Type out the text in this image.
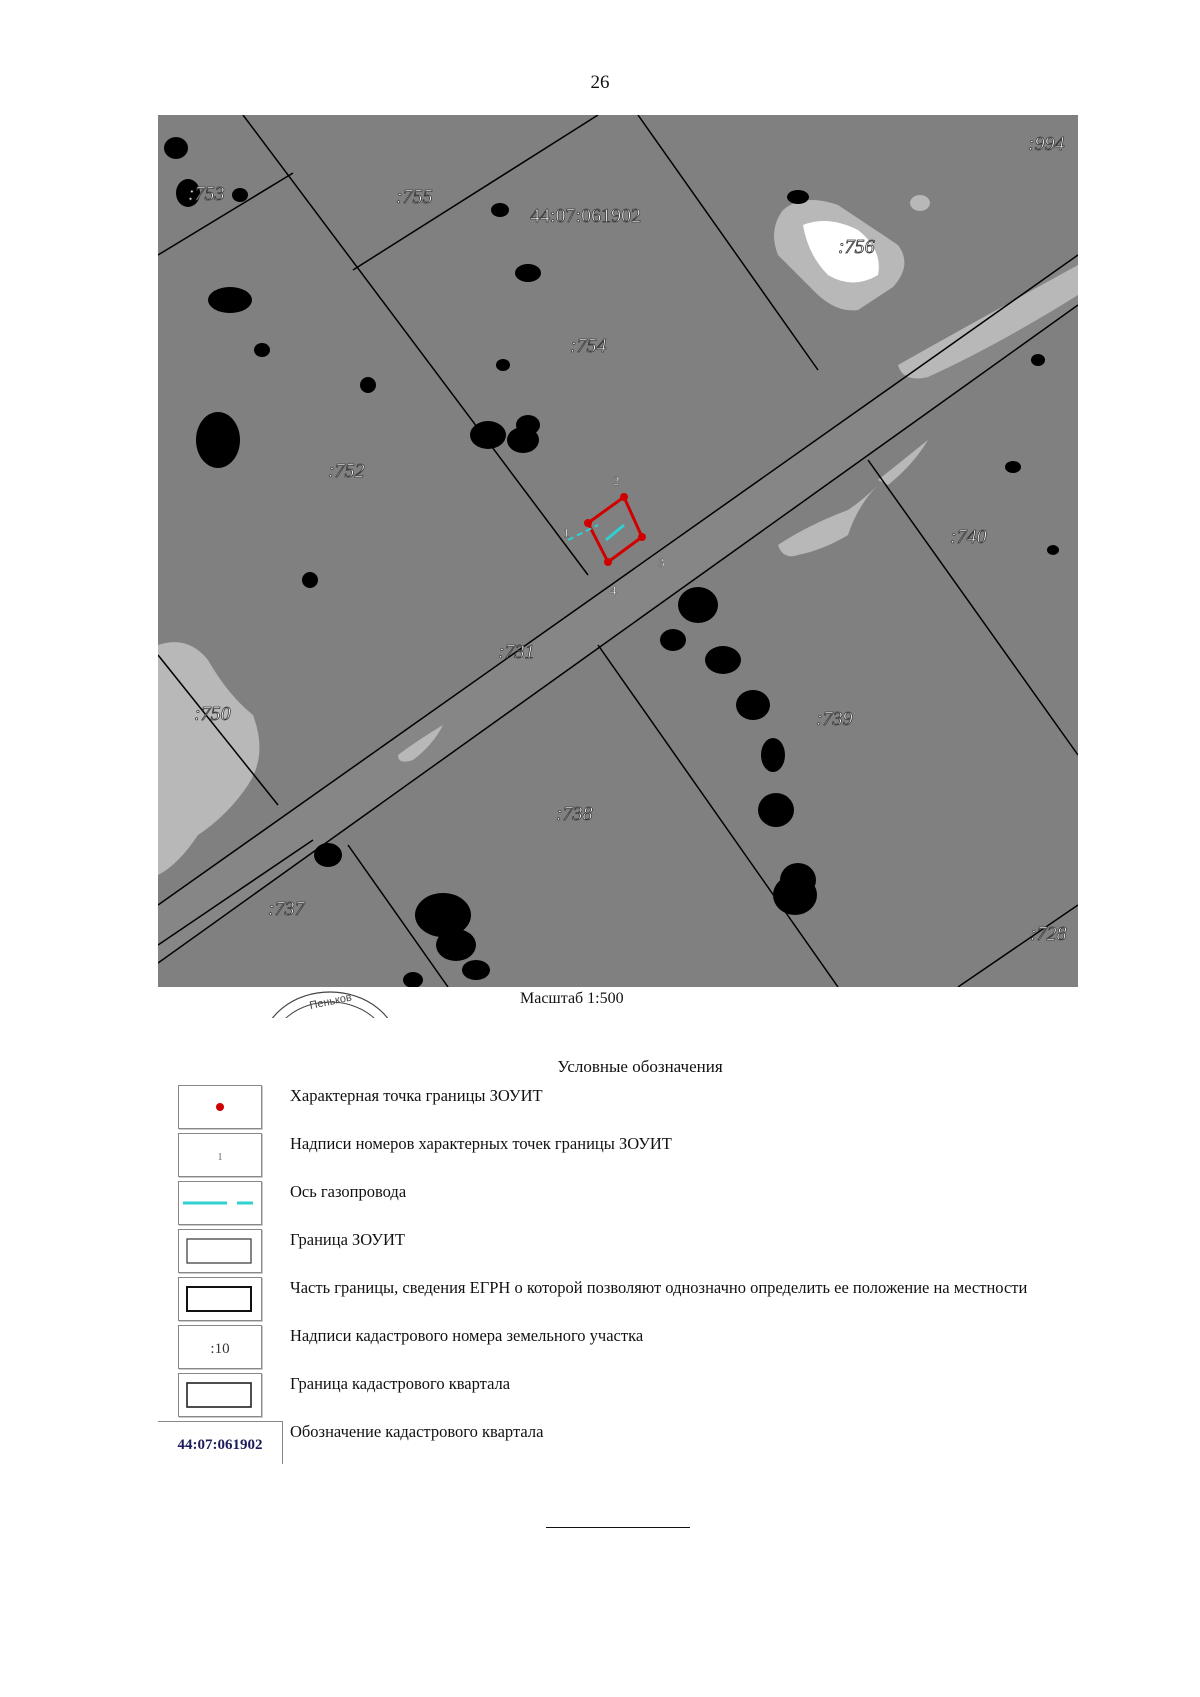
26
1
2
3
4
:753	:755
:994
:756
:754
:752
:740
:731
:750	:739
:738
:737
:728
44:07:061902
Пеньков	Масштаб 1:500
Условные обозначения
Характерная точка границы ЗОУИТ
1
Надписи номеров характерных точек границы ЗОУИТ
Ось газопровода
Граница ЗОУИТ
Часть границы, сведения ЕГРН о которой позволяют однозначно определить ее положение на местности
:10
Надписи кадастрового номера земельного участка
Граница кадастрового квартала
44:07:061902
Обозначение кадастрового квартала
